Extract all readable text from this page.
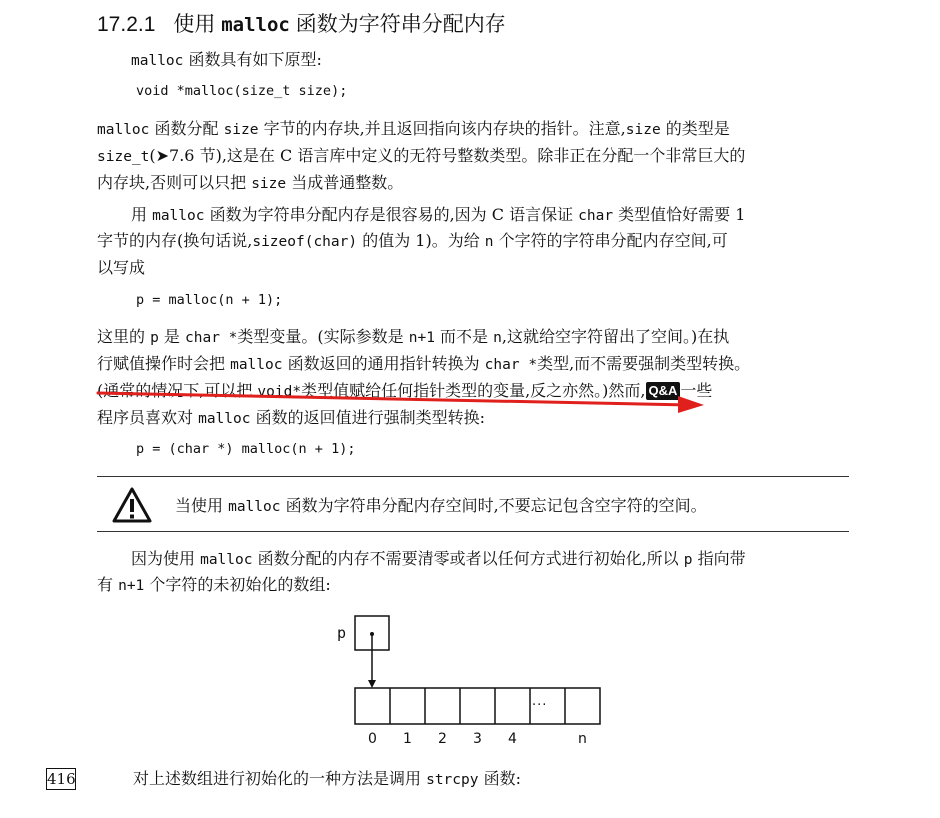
17.2.1 使用 malloc 函数为字符串分配内存
malloc 函数具有如下原型:
void *malloc(size_t size);
malloc 函数分配 size 字节的内存块,并且返回指向该内存块的指针。注意,size 的类型是
size_t(➤7.6 节),这是在 C 语言库中定义的无符号整数类型。除非正在分配一个非常巨大的
内存块,否则可以只把 size 当成普通整数。
用 malloc 函数为字符串分配内存是很容易的,因为 C 语言保证 char 类型值恰好需要 1
字节的内存(换句话说,sizeof(char) 的值为 1)。为给 n 个字符的字符串分配内存空间,可
以写成
p = malloc(n + 1);
这里的 p 是 char *类型变量。(实际参数是 n+1 而不是 n,这就给空字符留出了空间。)在执
行赋值操作时会把 malloc 函数返回的通用指针转换为 char *类型,而不需要强制类型转换。
(通常的情况下,可以把 void*类型值赋给任何指针类型的变量,反之亦然。)然而, Q&A 一些
程序员喜欢对 malloc 函数的返回值进行强制类型转换:
p = (char *) malloc(n + 1);
当使用 malloc 函数为字符串分配内存空间时,不要忘记包含空字符的空间。
因为使用 malloc 函数分配的内存不需要清零或者以任何方式进行初始化,所以 p 指向带
有 n+1 个字符的未初始化的数组:
p
...
0 1 2 3 4	n
416	对上述数组进行初始化的一种方法是调用 strcpy 函数:
